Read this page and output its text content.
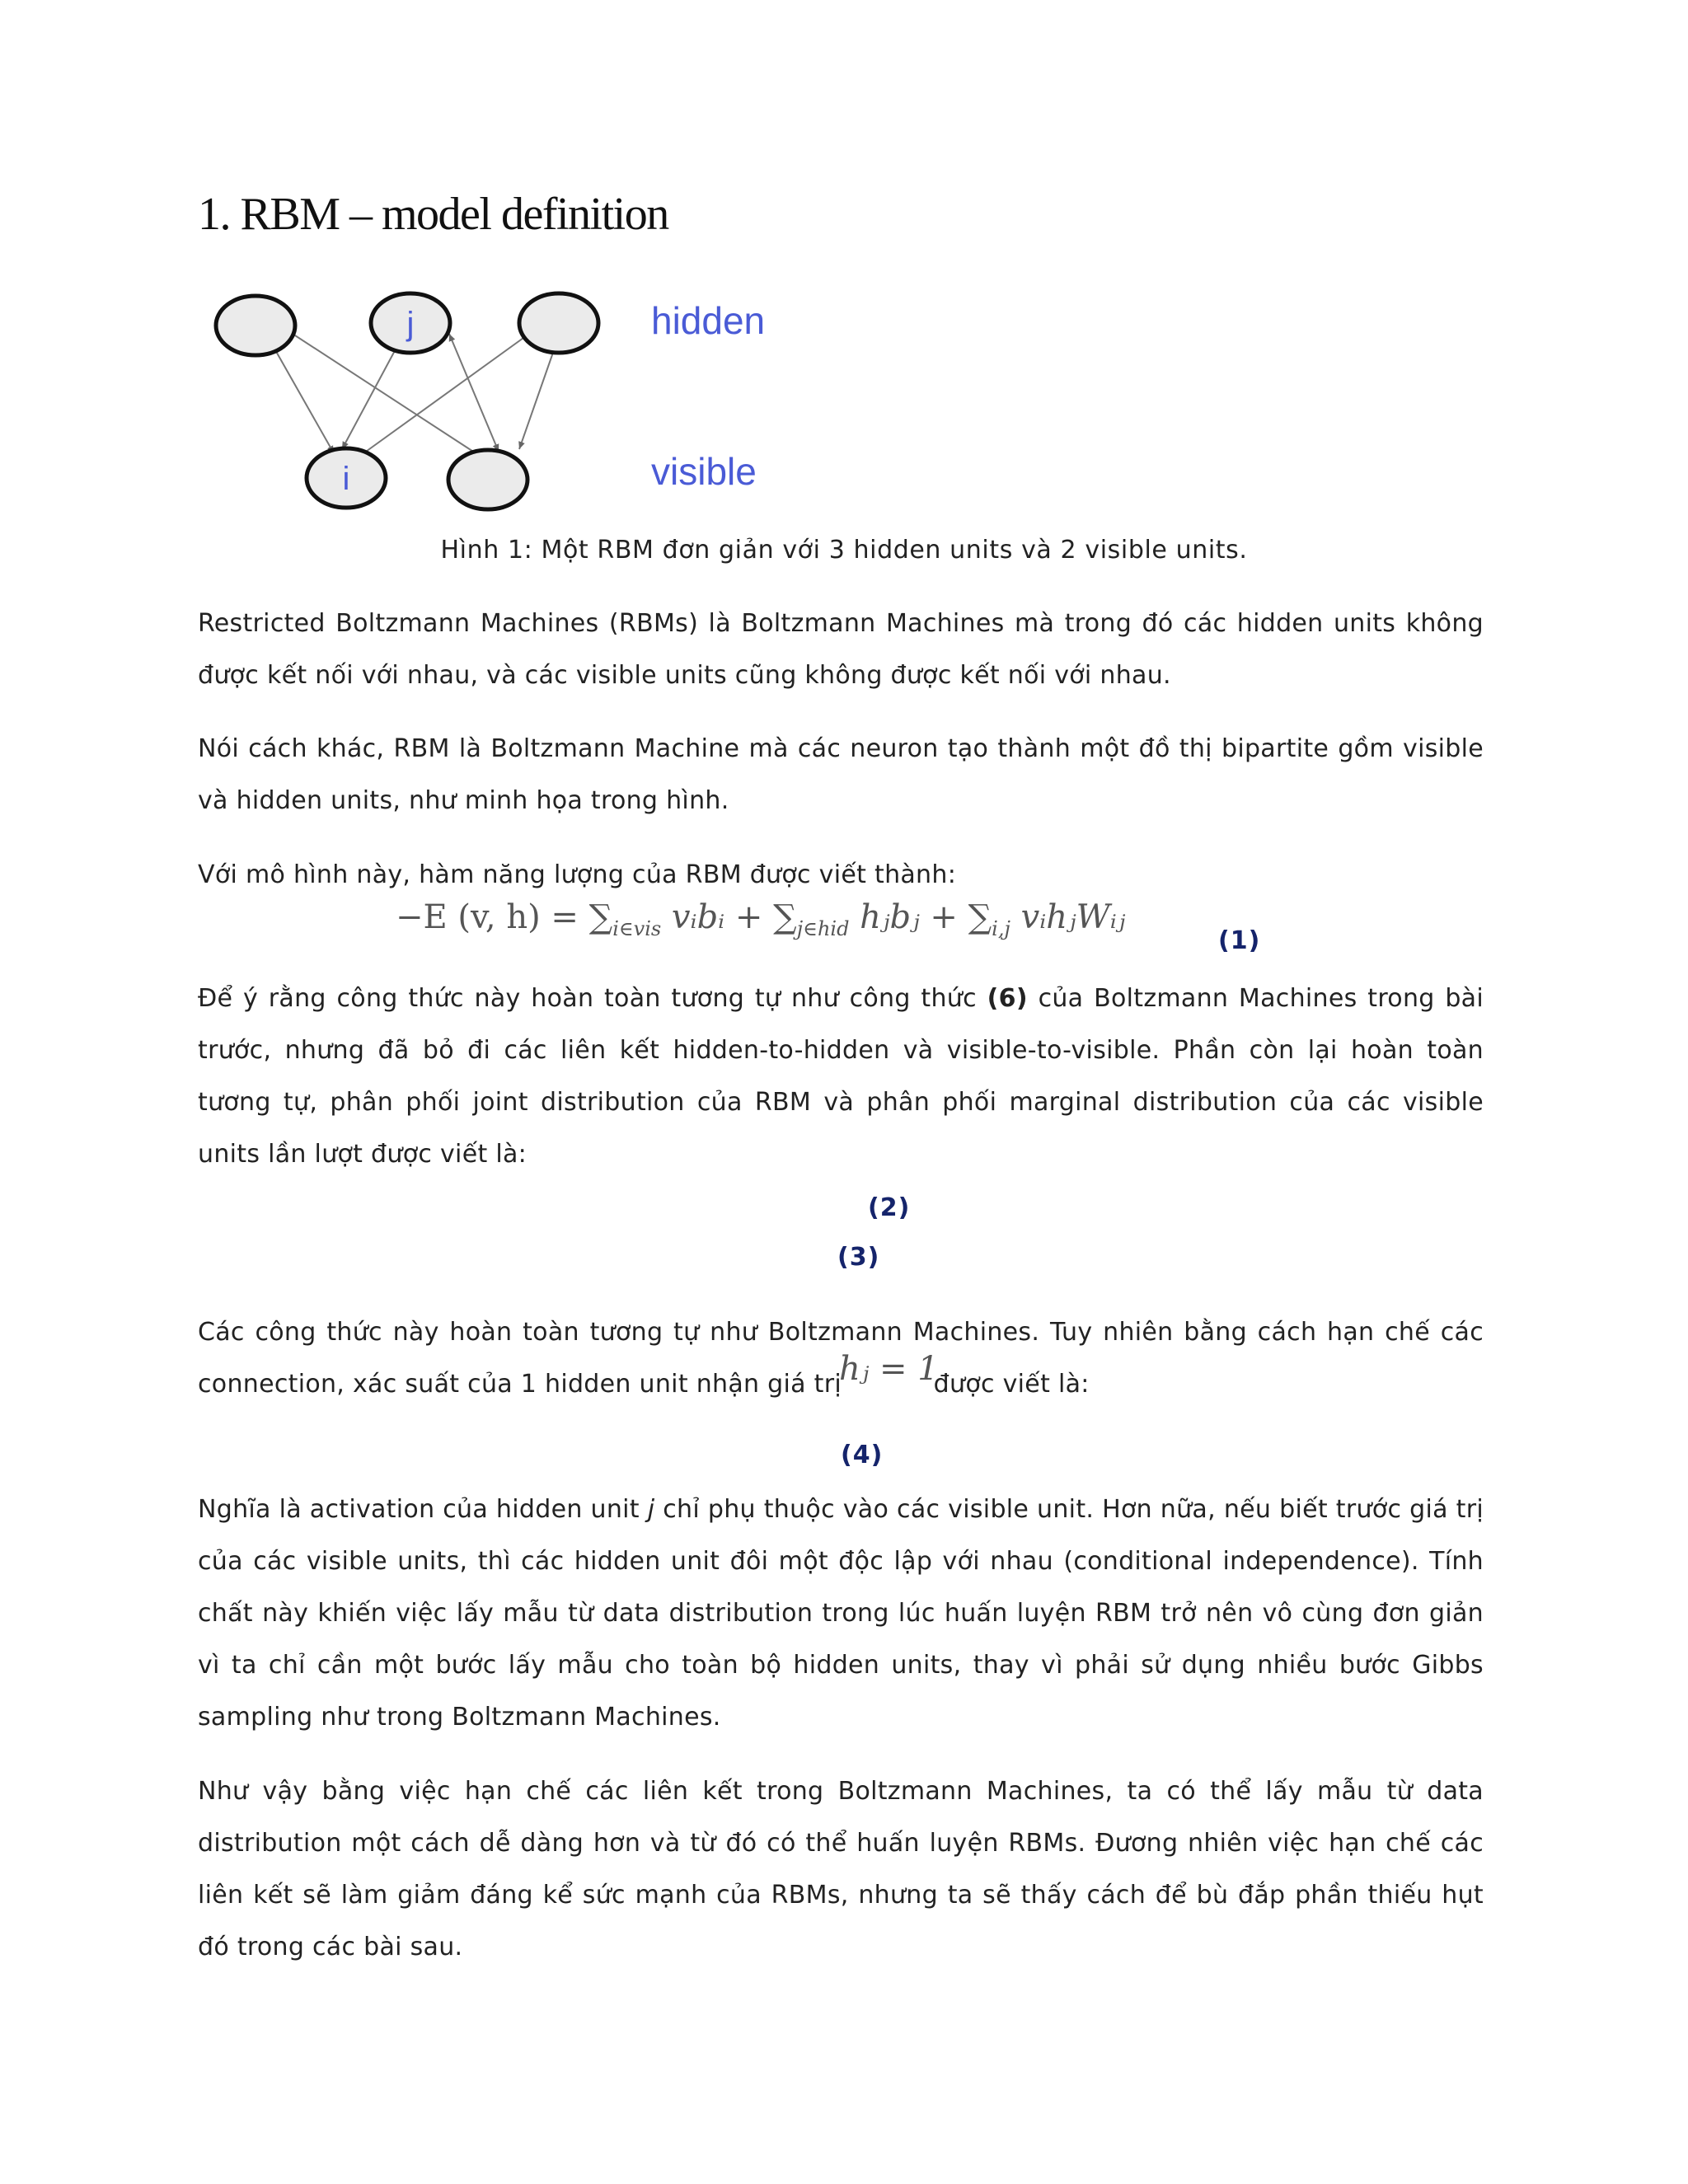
1. RBM – model definition
j
i
hidden
visible
Hình 1: Một RBM đơn giản với 3 hidden units và 2 visible units.

Restricted Boltzmann Machines (RBMs) là Boltzmann Machines mà trong đó các hidden units không được kết nối với nhau, và các visible units cũng không được kết nối với nhau.

Nói cách khác, RBM là Boltzmann Machine mà các neuron tạo thành một đồ thị bipartite gồm visible và hidden units, như minh họa trong hình.

Với mô hình này, hàm năng lượng của RBM được viết thành:

−E (v, $h) = \sum_{i\in vis}$ vᵢbᵢ + $\sum_{j\in hid}$ hⱼbⱼ + $\sum_{i,j}$ vᵢhⱼWᵢⱼ
(1)

Để ý rằng công thức này hoàn toàn tương tự như công thức (6) của Boltzmann Machines trong bài trước, nhưng đã bỏ đi các liên kết hidden-to-hidden và visible-to-visible. Phần còn lại hoàn toàn tương tự, phân phối joint distribution của RBM và phân phối marginal distribution của các visible units lần lượt được viết là:

(2)
(3)

Các công thức này hoàn toàn tương tự như Boltzmann Machines. Tuy nhiên bằng cách hạn chế các connection, xác suất của 1 hidden unit nhận giá trị	được viết là:

hⱼ = 1
(4)

Nghĩa là activation của hidden unit j chỉ phụ thuộc vào các visible unit. Hơn nữa, nếu biết trước giá trị của các visible units, thì các hidden unit đôi một độc lập với nhau (conditional independence). Tính chất này khiến việc lấy mẫu từ data distribution trong lúc huấn luyện RBM trở nên vô cùng đơn giản vì ta chỉ cần một bước lấy mẫu cho toàn bộ hidden units, thay vì phải sử dụng nhiều bước Gibbs sampling như trong Boltzmann Machines.

Như vậy bằng việc hạn chế các liên kết trong Boltzmann Machines, ta có thể lấy mẫu từ data distribution một cách dễ dàng hơn và từ đó có thể huấn luyện RBMs. Đương nhiên việc hạn chế các liên kết sẽ làm giảm đáng kể sức mạnh của RBMs, nhưng ta sẽ thấy cách để bù đắp phần thiếu hụt đó trong các bài sau.
